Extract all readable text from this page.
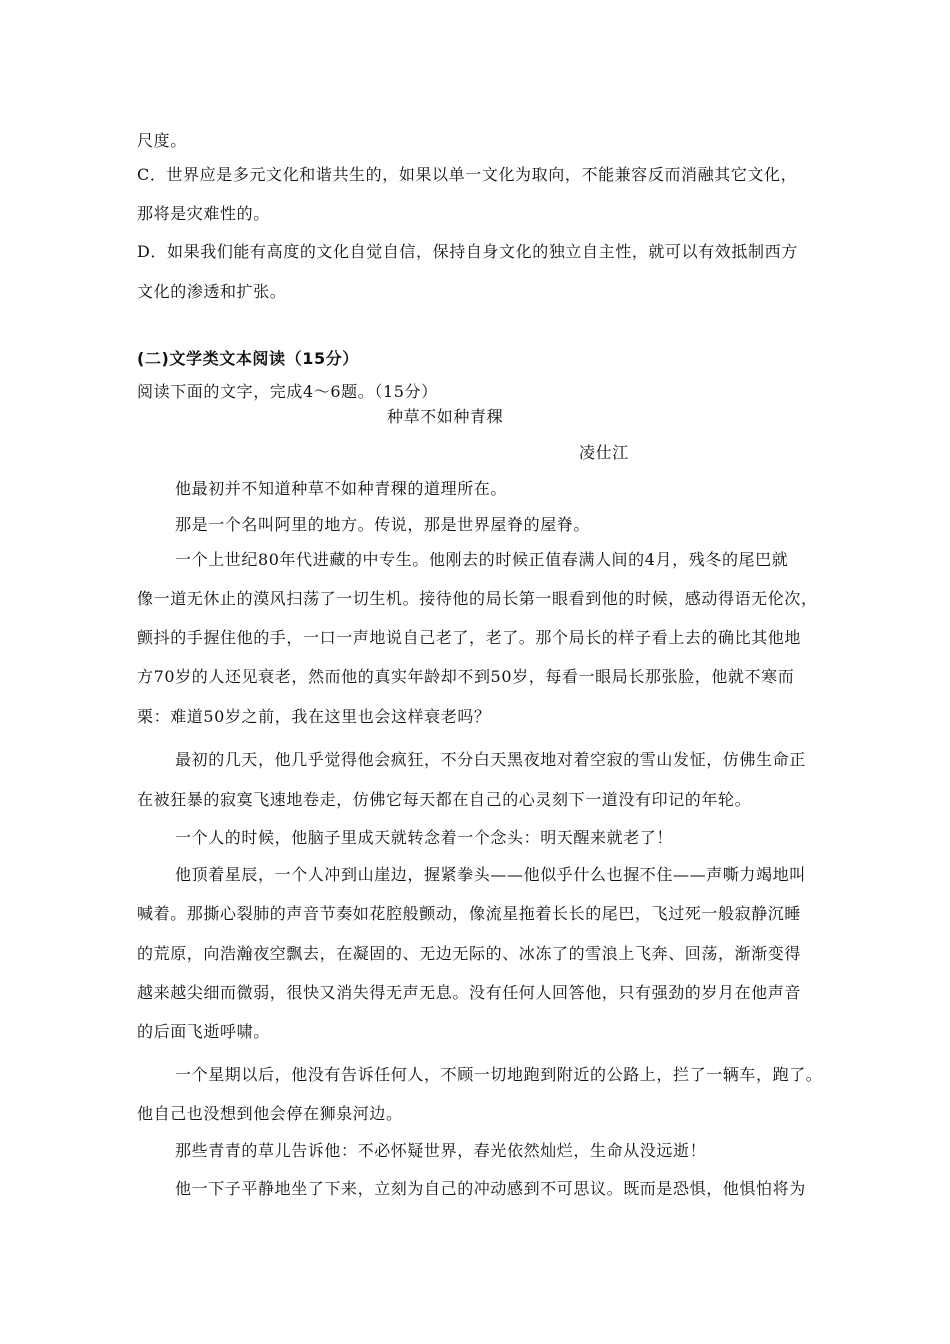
尺度。
C．世界应是多元文化和谐共生的，如果以单一文化为取向，不能兼容反而消融其它文化，
那将是灾难性的。
D．如果我们能有高度的文化自觉自信，保持自身文化的独立自主性，就可以有效抵制西方
文化的渗透和扩张。
(二)文学类文本阅读（15分）
阅读下面的文字，完成4～6题。（15分）
种草不如种青稞
凌仕江
他最初并不知道种草不如种青稞的道理所在。
那是一个名叫阿里的地方。传说，那是世界屋脊的屋脊。
一个上世纪80年代进藏的中专生。他刚去的时候正值春满人间的4月，残冬的尾巴就
像一道无休止的漠风扫荡了一切生机。接待他的局长第一眼看到他的时候，感动得语无伦次，
颤抖的手握住他的手，一口一声地说自己老了，老了。那个局长的样子看上去的确比其他地
方70岁的人还见衰老，然而他的真实年龄却不到50岁，每看一眼局长那张脸，他就不寒而
栗：难道50岁之前，我在这里也会这样衰老吗？
最初的几天，他几乎觉得他会疯狂，不分白天黑夜地对着空寂的雪山发怔，仿佛生命正
在被狂暴的寂寞飞速地卷走，仿佛它每天都在自己的心灵刻下一道没有印记的年轮。
一个人的时候，他脑子里成天就转念着一个念头：明天醒来就老了！
他顶着星辰，一个人冲到山崖边，握紧拳头——他似乎什么也握不住——声嘶力竭地叫
喊着。那撕心裂肺的声音节奏如花腔般颤动，像流星拖着长长的尾巴，飞过死一般寂静沉睡
的荒原，向浩瀚夜空飘去，在凝固的、无边无际的、冰冻了的雪浪上飞奔、回荡，渐渐变得
越来越尖细而微弱，很快又消失得无声无息。没有任何人回答他，只有强劲的岁月在他声音
的后面飞逝呼啸。
一个星期以后，他没有告诉任何人，不顾一切地跑到附近的公路上，拦了一辆车，跑了。
他自己也没想到他会停在狮泉河边。
那些青青的草儿告诉他：不必怀疑世界，春光依然灿烂，生命从没远逝！
他一下子平静地坐了下来，立刻为自己的冲动感到不可思议。既而是恐惧，他惧怕将为
